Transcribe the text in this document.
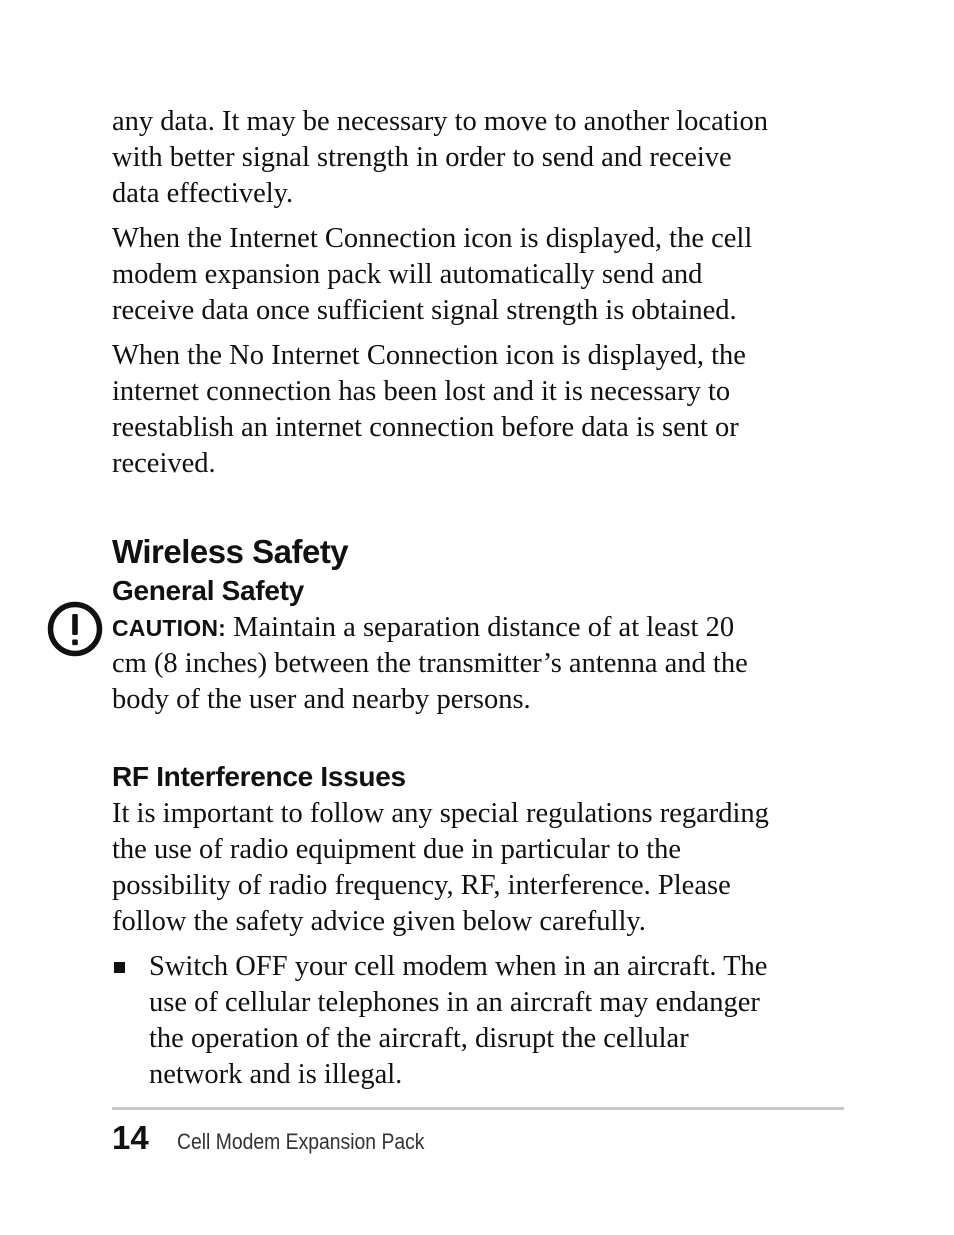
any data. It may be necessary to move to another location
with better signal strength in order to send and receive
data effectively.

When the Internet Connection icon is displayed, the cell
modem expansion pack will automatically send and
receive data once sufficient signal strength is obtained.

When the No Internet Connection icon is displayed, the
internet connection has been lost and it is necessary to
reestablish an internet connection before data is sent or
received.

Wireless Safety
General Safety

CAUTION: Maintain a separation distance of at least 20
cm (8 inches) between the transmitter’s antenna and the
body of the user and nearby persons.

RF Interference Issues

It is important to follow any special regulations regarding
the use of radio equipment due in particular to the
possibility of radio frequency, RF, interference. Please
follow the safety advice given below carefully.

Switch OFF your cell modem when in an aircraft. The
use of cellular telephones in an aircraft may endanger
the operation of the aircraft, disrupt the cellular
network and is illegal.

14 Cell Modem Expansion Pack
